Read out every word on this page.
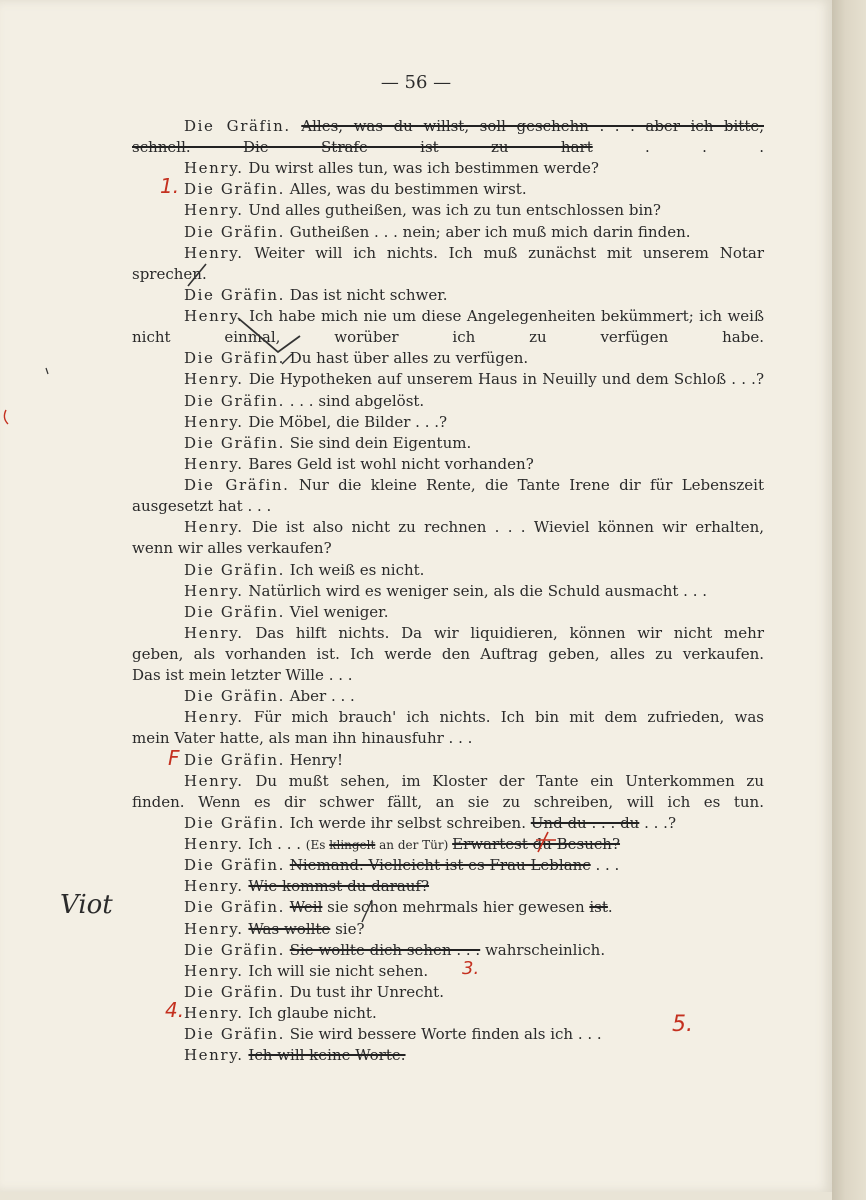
— 56 —
Die Gräfin. Alles, was du willst, soll geschehn . . . aber ich bitte,
schnell. Die Strafe ist zu hart . . .
Henry. Du wirst alles tun, was ich bestimmen werde?
Die Gräfin. Alles, was du bestimmen wirst.
Henry. Und alles gutheißen, was ich zu tun entschlossen bin?
Die Gräfin. Gutheißen . . . nein; aber ich muß mich darin finden.
Henry. Weiter will ich nichts. Ich muß zunächst mit unserem Notar
sprechen.
Die Gräfin. Das ist nicht schwer.
Henry. Ich habe mich nie um diese Angelegenheiten bekümmert; ich weiß
nicht einmal, worüber ich zu verfügen habe.
Die Gräfin. Du hast über alles zu verfügen.
Henry. Die Hypotheken auf unserem Haus in Neuilly und dem Schloß . . .?
Die Gräfin. . . . sind abgelöst.
Henry. Die Möbel, die Bilder . . .?
Die Gräfin. Sie sind dein Eigentum.
Henry. Bares Geld ist wohl nicht vorhanden?
Die Gräfin. Nur die kleine Rente, die Tante Irene dir für Lebenszeit
ausgesetzt hat . . .
Henry. Die ist also nicht zu rechnen . . . Wieviel können wir erhalten,
wenn wir alles verkaufen?
Die Gräfin. Ich weiß es nicht.
Henry. Natürlich wird es weniger sein, als die Schuld ausmacht . . .
Die Gräfin. Viel weniger.
Henry. Das hilft nichts. Da wir liquidieren, können wir nicht mehr
geben, als vorhanden ist. Ich werde den Auftrag geben, alles zu verkaufen.
Das ist mein letzter Wille . . .
Die Gräfin. Aber . . .
Henry. Für mich brauch' ich nichts. Ich bin mit dem zufrieden, was
mein Vater hatte, als man ihn hinausfuhr . . .
Die Gräfin. Henry!
Henry. Du mußt sehen, im Kloster der Tante ein Unterkommen zu
finden. Wenn es dir schwer fällt, an sie zu schreiben, will ich es tun.
Die Gräfin. Ich werde ihr selbst schreiben. Und du . . . du . . .?
Henry. Ich . . . (Es klingelt an der Tür) Erwartest du Besuch?
Die Gräfin. Niemand. Vielleicht ist es Frau Leblanc . . .
Henry. Wie kommst du darauf?
Die Gräfin. Weil sie schon mehrmals hier gewesen ist.
Henry. Was wollte sie?
Die Gräfin. Sie wollte dich sehen . . . wahrscheinlich.
Henry. Ich will sie nicht sehen.
Die Gräfin. Du tust ihr Unrecht.
Henry. Ich glaube nicht.
Die Gräfin. Sie wird bessere Worte finden als ich . . .
Henry. Ich will keine Worte.
1.
F
3.
4.
5.
Viot
